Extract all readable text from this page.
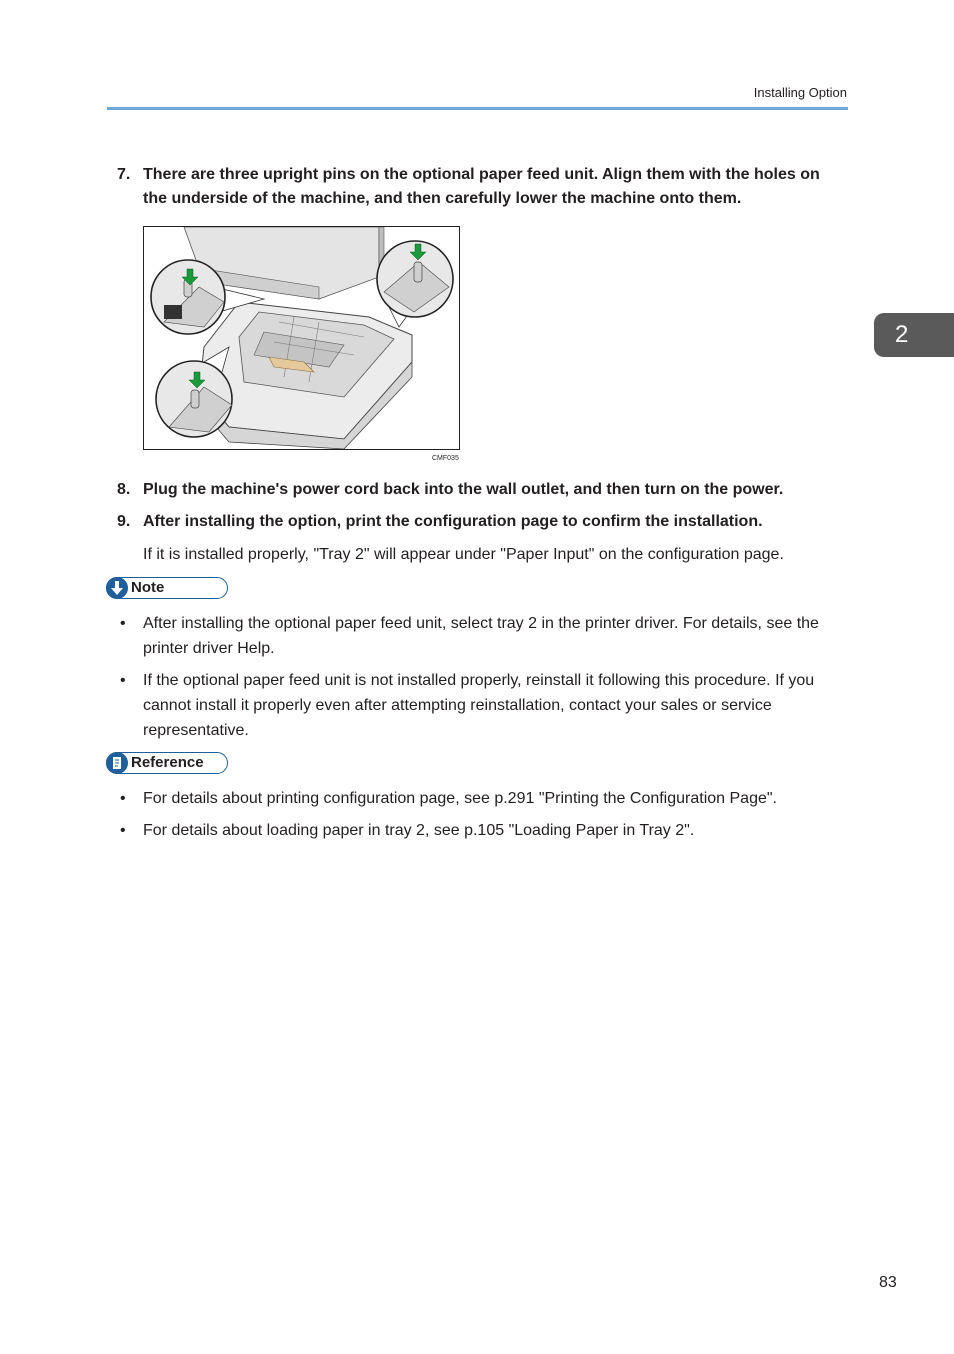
Installing Option
2
7. There are three upright pins on the optional paper feed unit. Align them with the holes on the underside of the machine, and then carefully lower the machine onto them.
CMF035
8. Plug the machine's power cord back into the wall outlet, and then turn on the power.
9. After installing the option, print the configuration page to confirm the installation.
If it is installed properly, "Tray 2" will appear under "Paper Input" on the configuration page.
Note
• After installing the optional paper feed unit, select tray 2 in the printer driver. For details, see the printer driver Help.
• If the optional paper feed unit is not installed properly, reinstall it following this procedure. If you cannot install it properly even after attempting reinstallation, contact your sales or service representative.
Reference
• For details about printing configuration page, see p.291 "Printing the Configuration Page".
• For details about loading paper in tray 2, see p.105 "Loading Paper in Tray 2".
83
